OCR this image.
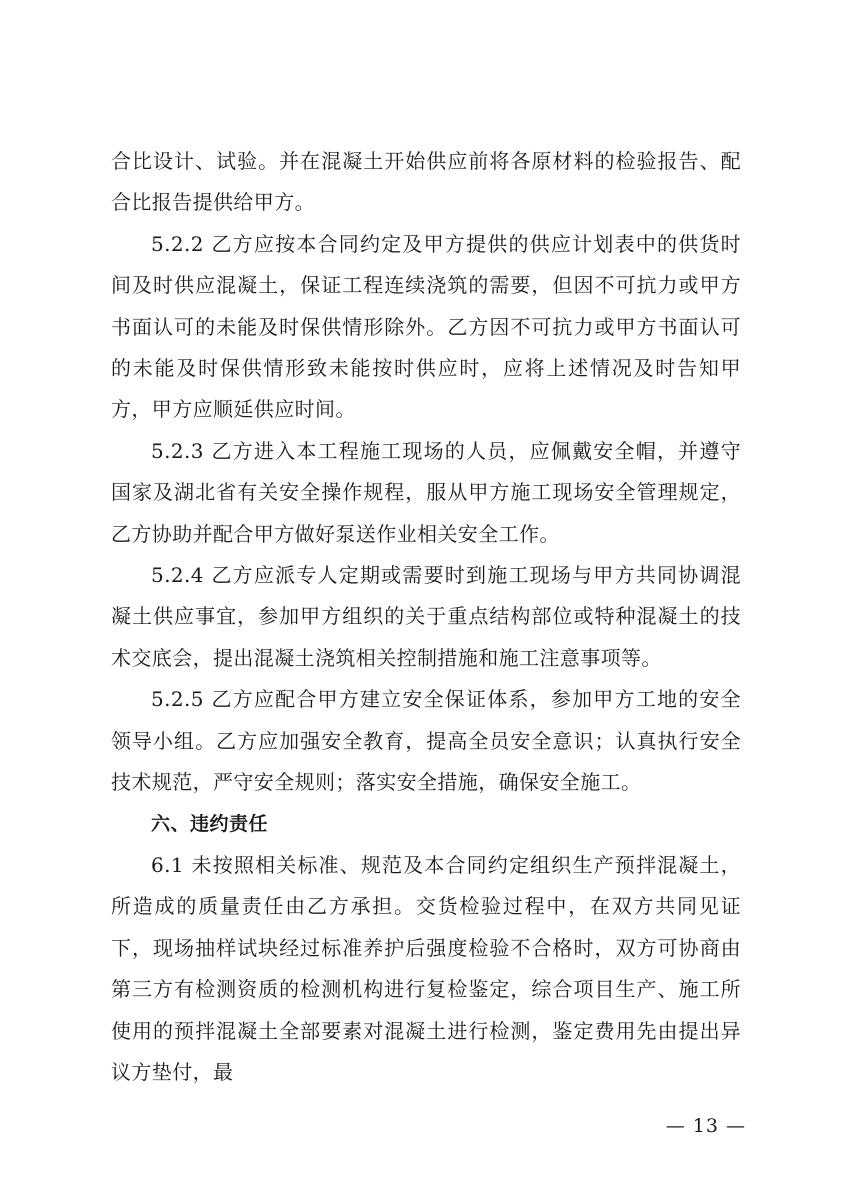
合比设计、试验。并在混凝土开始供应前将各原材料的检验报告、配合比报告提供给甲方。

5.2.2 乙方应按本合同约定及甲方提供的供应计划表中的供货时间及时供应混凝土，保证工程连续浇筑的需要，但因不可抗力或甲方书面认可的未能及时保供情形除外。乙方因不可抗力或甲方书面认可的未能及时保供情形致未能按时供应时，应将上述情况及时告知甲方，甲方应顺延供应时间。

5.2.3 乙方进入本工程施工现场的人员，应佩戴安全帽，并遵守国家及湖北省有关安全操作规程，服从甲方施工现场安全管理规定，乙方协助并配合甲方做好泵送作业相关安全工作。

5.2.4 乙方应派专人定期或需要时到施工现场与甲方共同协调混凝土供应事宜，参加甲方组织的关于重点结构部位或特种混凝土的技术交底会，提出混凝土浇筑相关控制措施和施工注意事项等。

5.2.5 乙方应配合甲方建立安全保证体系，参加甲方工地的安全领导小组。乙方应加强安全教育，提高全员安全意识；认真执行安全技术规范，严守安全规则；落实安全措施，确保安全施工。

六、违约责任

6.1 未按照相关标准、规范及本合同约定组织生产预拌混凝土，所造成的质量责任由乙方承担。交货检验过程中，在双方共同见证下，现场抽样试块经过标准养护后强度检验不合格时，双方可协商由第三方有检测资质的检测机构进行复检鉴定，综合项目生产、施工所使用的预拌混凝土全部要素对混凝土进行检测，鉴定费用先由提出异议方垫付，最

— 13 —
